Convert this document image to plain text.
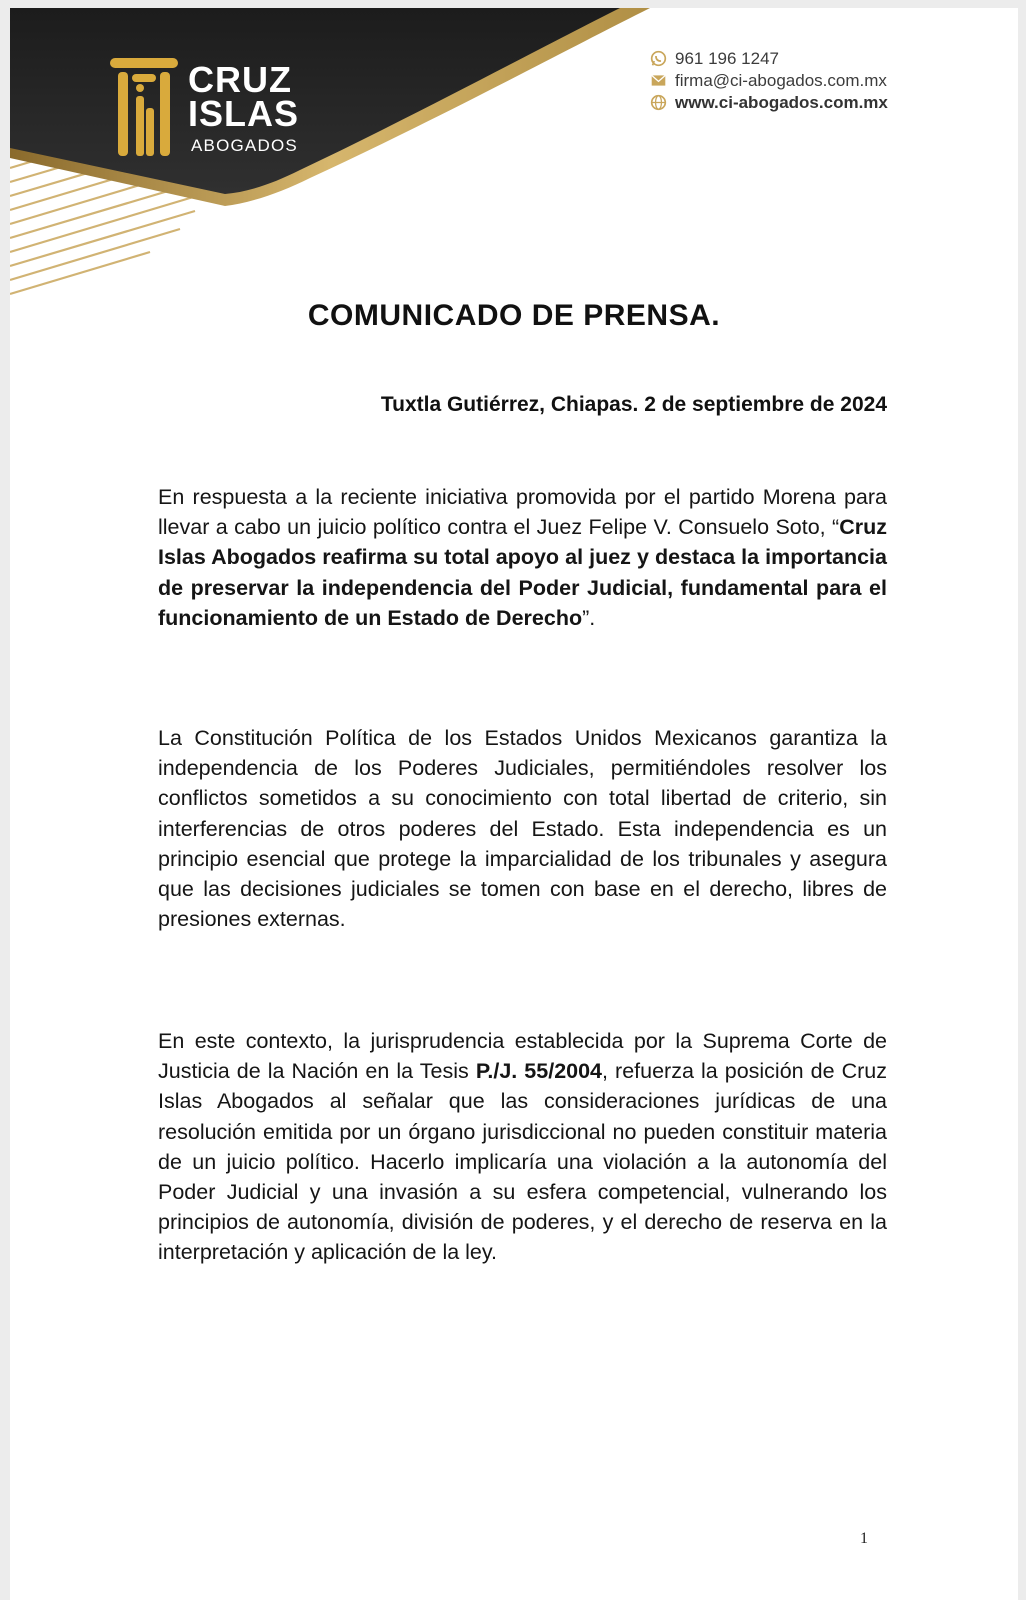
CRUZ
ISLAS
ABOGADOS
961 196 1247
firma@ci-abogados.com.mx
www.ci-abogados.com.mx
COMUNICADO DE PRENSA.
Tuxtla Gutiérrez, Chiapas. 2 de septiembre de 2024

En respuesta a la reciente iniciativa promovida por el partido Morena para llevar a cabo un juicio político contra el Juez Felipe V. Consuelo Soto, “Cruz Islas Abogados reafirma su total apoyo al juez y destaca la importancia de preservar la independencia del Poder Judicial, fundamental para el funcionamiento de un Estado de Derecho”.

La Constitución Política de los Estados Unidos Mexicanos garantiza la independencia de los Poderes Judiciales, permitiéndoles resolver los conflictos sometidos a su conocimiento con total libertad de criterio, sin interferencias de otros poderes del Estado. Esta independencia es un principio esencial que protege la imparcialidad de los tribunales y asegura que las decisiones judiciales se tomen con base en el derecho, libres de presiones externas.

En este contexto, la jurisprudencia establecida por la Suprema Corte de Justicia de la Nación en la Tesis P./J. 55/2004, refuerza la posición de Cruz Islas Abogados al señalar que las consideraciones jurídicas de una resolución emitida por un órgano jurisdiccional no pueden constituir materia de un juicio político. Hacerlo implicaría una violación a la autonomía del Poder Judicial y una invasión a su esfera competencial, vulnerando los principios de autonomía, división de poderes, y el derecho de reserva en la interpretación y aplicación de la ley.

1
